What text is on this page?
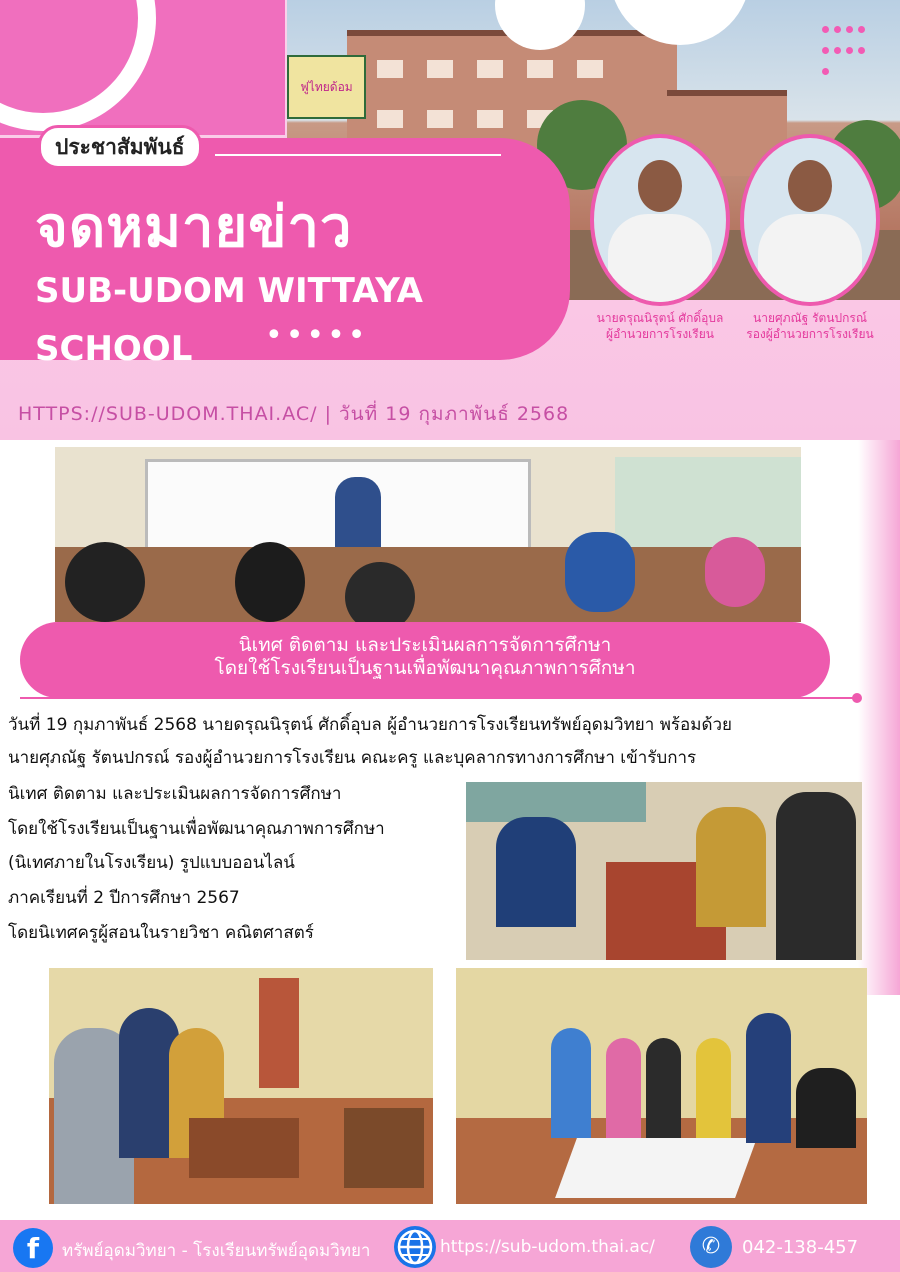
ฟูไทยด้อม
ประชาสัมพันธ์
จดหมายข่าว
SUB-UDOM WITTAYA SCHOOL	•••••	นายดรุณนิรุตน์ ศักดิ์อุบล
ผู้อำนวยการโรงเรียน
นายศุภณัฐ รัตนปกรณ์
รองผู้อำนวยการโรงเรียน
HTTPS://SUB-UDOM.THAI.AC/ | วันที่ 19 กุมภาพันธ์ 2568
นิเทศ ติดตาม และประเมินผลการจัดการศึกษา
โดยใช้โรงเรียนเป็นฐานเพื่อพัฒนาคุณภาพการศึกษา
วันที่ 19 กุมภาพันธ์ 2568 นายดรุณนิรุตน์ ศักดิ์อุบล ผู้อำนวยการโรงเรียนทรัพย์อุดมวิทยา พร้อมด้วย
นายศุภณัฐ รัตนปกรณ์ รองผู้อำนวยการโรงเรียน คณะครู และบุคลากรทางการศึกษา เข้ารับการ
นิเทศ ติดตาม และประเมินผลการจัดการศึกษา
โดยใช้โรงเรียนเป็นฐานเพื่อพัฒนาคุณภาพการศึกษา
(นิเทศภายในโรงเรียน) รูปแบบออนไลน์
ภาคเรียนที่ 2 ปีการศึกษา 2567
โดยนิเทศครูผู้สอนในรายวิชา คณิตศาสตร์
f	ทรัพย์อุดมวิทยา - โรงเรียนทรัพย์อุดมวิทยา	https://sub-udom.thai.ac/	✆	042-138-457
